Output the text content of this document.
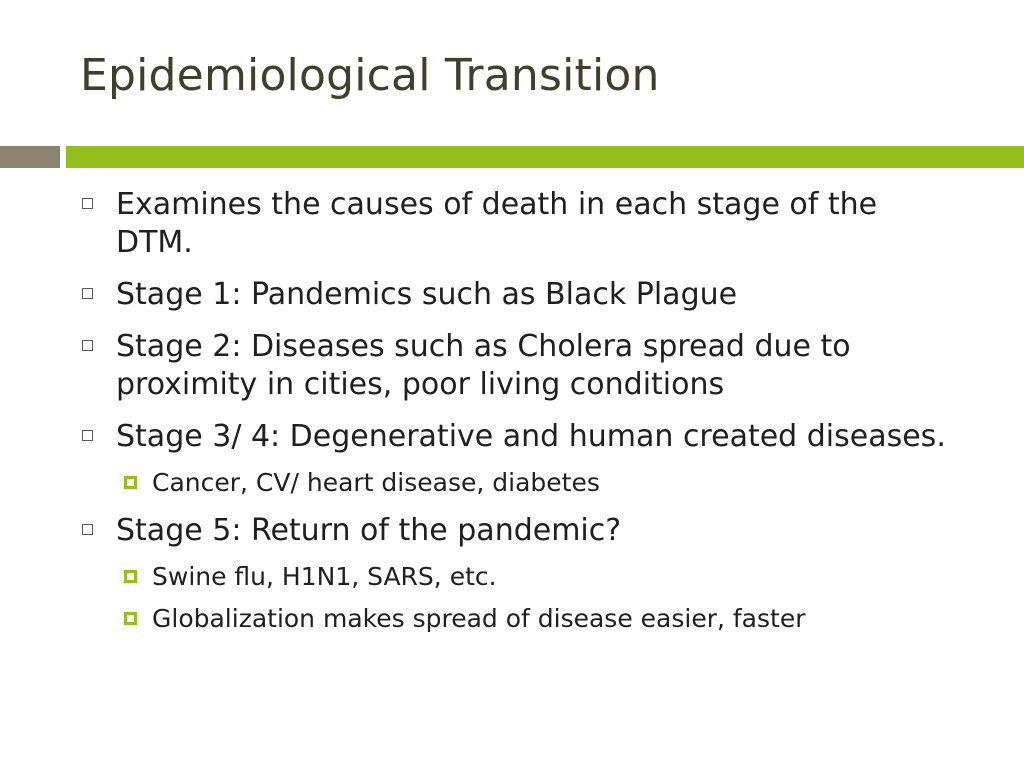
Epidemiological Transition
Examines the causes of death in each stage of the DTM.
Stage 1: Pandemics such as Black Plague
Stage 2: Diseases such as Cholera spread due to proximity in cities, poor living conditions
Stage 3/ 4: Degenerative and human created diseases.
Cancer, CV/ heart disease, diabetes
Stage 5: Return of the pandemic?
Swine flu, H1N1, SARS, etc.
Globalization makes spread of disease easier, faster
